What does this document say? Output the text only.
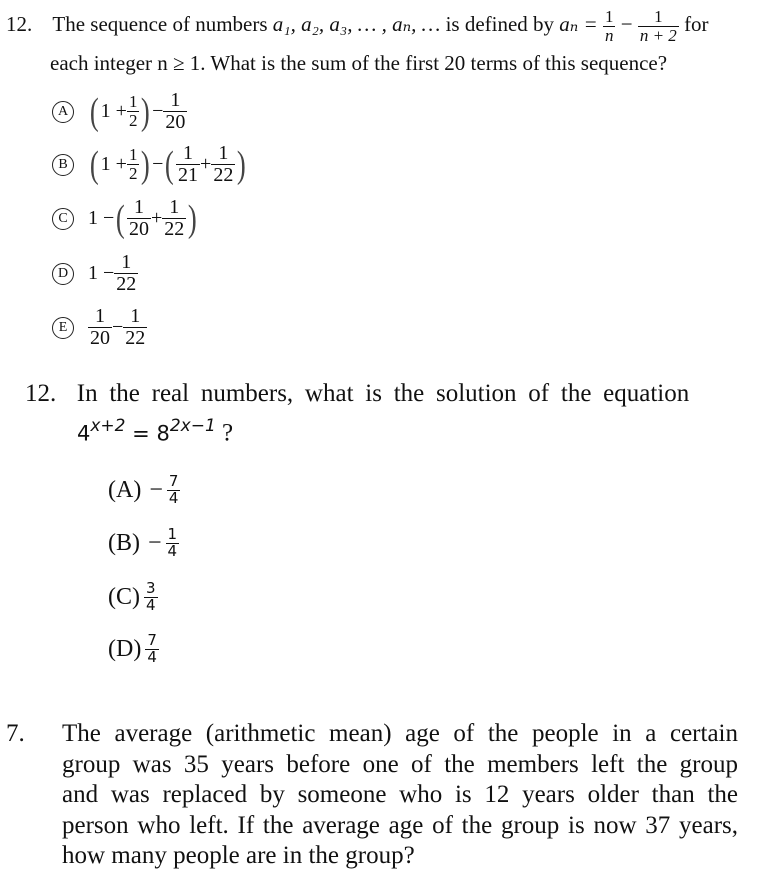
12. The sequence of numbers a₁, a₂, a₃, … , aₙ, … is defined by $a_n = \frac{1}{n} - \frac{1}{n + 2}$ for
each integer n ≥ 1. What is the sum of the first 20 terms of this sequence?
A ( $1 + \frac{1}{2}$ ) − $\frac{1}{20}$
B ( $1 + \frac{1}{2}$ ) − ( $\frac{1}{21} + \frac{1}{22}$ )
C	1 − ( $\frac{1}{20} + \frac{1}{22}$ )
D $1 - \frac{1}{22}$
E	$\frac{1}{20} - \frac{1}{22}$
12. In the real numbers, what is the solution of the equation
$4^{x+2} = 8^{2x-1}$ ?
$(A) - \frac{7}{4}$
$(B) - \frac{1}{4}$
$(C) \frac{3}{4}$
$(D) \frac{7}{4}$
7. The average (arithmetic mean) age of the people in a certain
group was 35 years before one of the members left the group
and was replaced by someone who is 12 years older than the
person who left. If the average age of the group is now 37 years,
how many people are in the group?
